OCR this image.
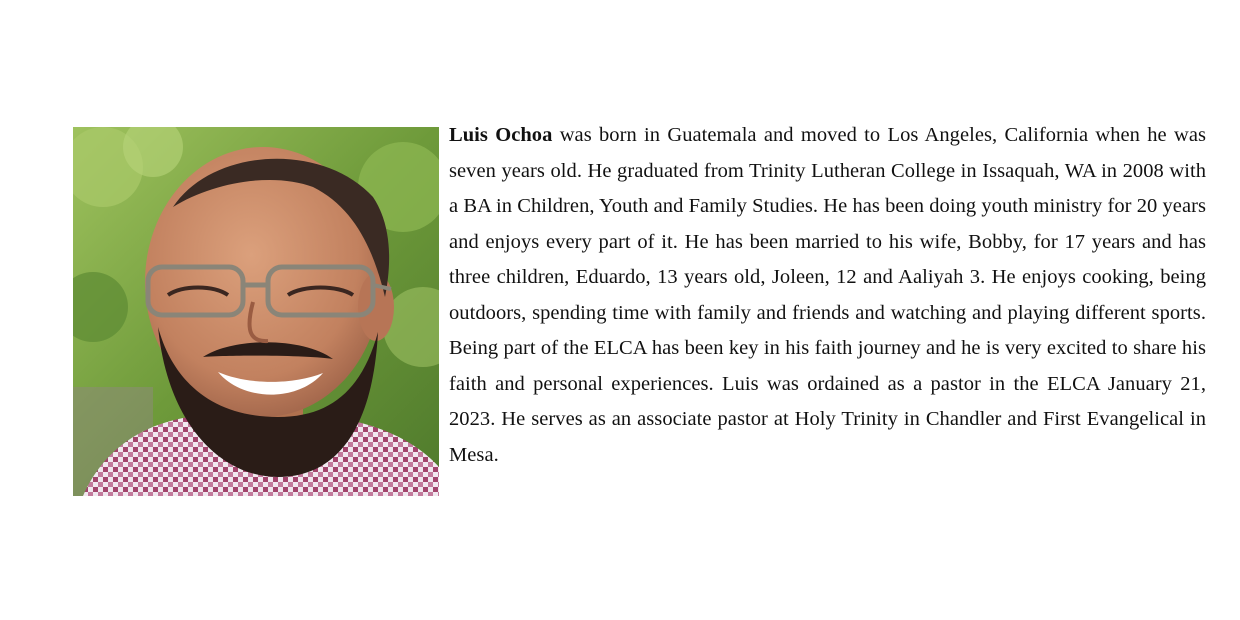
Luis Ochoa was born in Guatemala and moved to Los Angeles, California when he was seven years old. He graduated from Trinity Lutheran College in Issaquah, WA in 2008 with a BA in Children, Youth and Family Studies. He has been doing youth ministry for 20 years and enjoys every part of it. He has been married to his wife, Bobby, for 17 years and has three children, Eduardo, 13 years old, Joleen, 12 and Aaliyah 3. He enjoys cooking, being outdoors, spending time with family and friends and watching and playing different sports. Being part of the ELCA has been key in his faith journey and he is very excited to share his faith and personal experiences. Luis was ordained as a pastor in the ELCA January 21, 2023. He serves as an associate pastor at Holy Trinity in Chandler and First Evangelical in Mesa.
